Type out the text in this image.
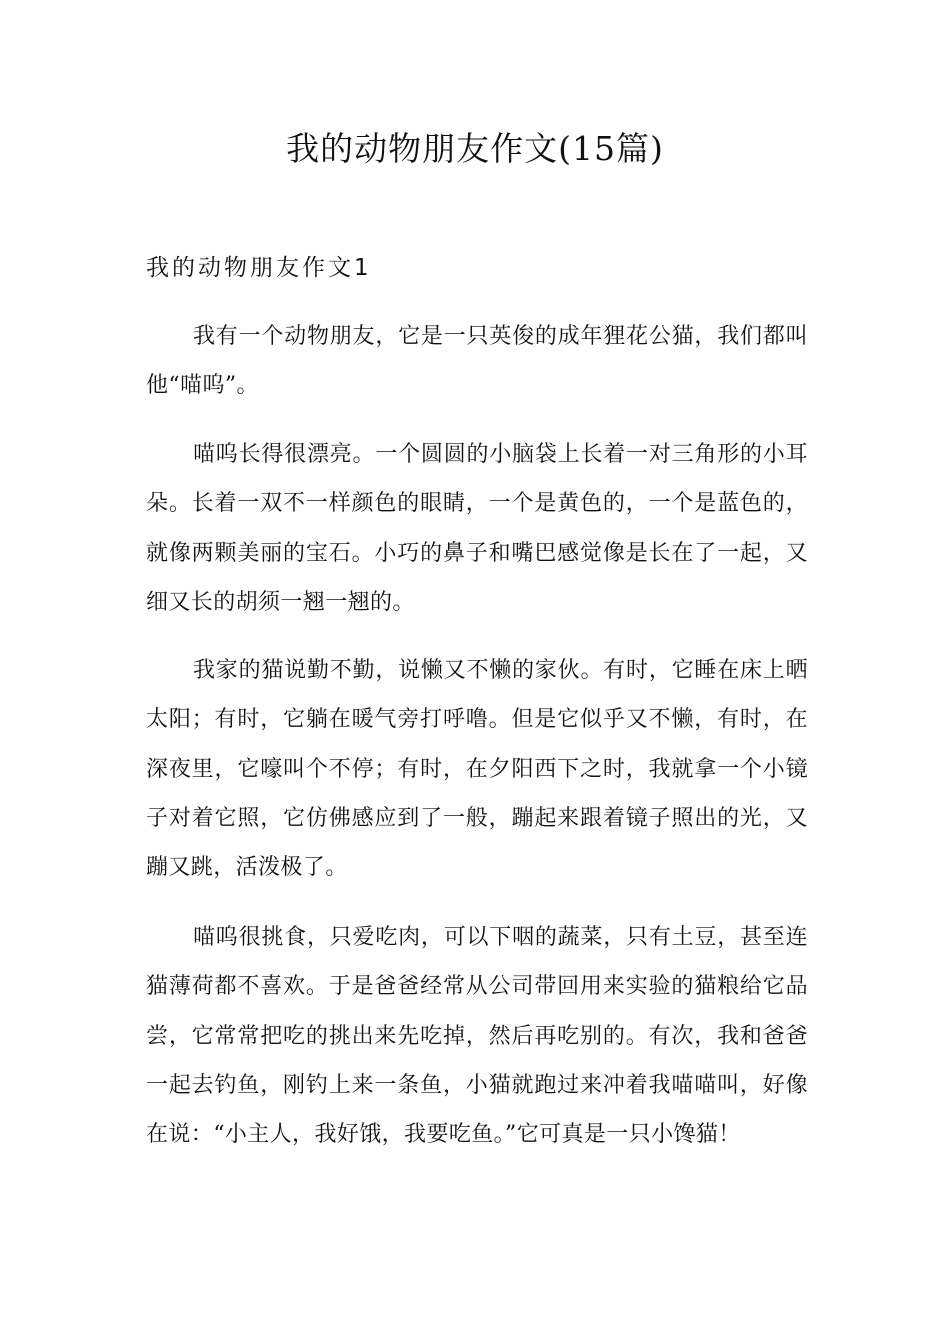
我的动物朋友作文(15篇)
我的动物朋友作文1

我有一个动物朋友，它是一只英俊的成年狸花公猫，我们都叫他“喵呜”。

喵呜长得很漂亮。一个圆圆的小脑袋上长着一对三角形的小耳朵。长着一双不一样颜色的眼睛，一个是黄色的，一个是蓝色的，就像两颗美丽的宝石。小巧的鼻子和嘴巴感觉像是长在了一起，又细又长的胡须一翘一翘的。

我家的猫说勤不勤，说懒又不懒的家伙。有时，它睡在床上晒太阳；有时，它躺在暖气旁打呼噜。但是它似乎又不懒，有时，在深夜里，它嚎叫个不停；有时，在夕阳西下之时，我就拿一个小镜子对着它照，它仿佛感应到了一般，蹦起来跟着镜子照出的光，又蹦又跳，活泼极了。

喵呜很挑食，只爱吃肉，可以下咽的蔬菜，只有土豆，甚至连猫薄荷都不喜欢。于是爸爸经常从公司带回用来实验的猫粮给它品尝，它常常把吃的挑出来先吃掉，然后再吃别的。有次，我和爸爸一起去钓鱼，刚钓上来一条鱼，小猫就跑过来冲着我喵喵叫，好像在说：“小主人，我好饿，我要吃鱼。”它可真是一只小馋猫！
